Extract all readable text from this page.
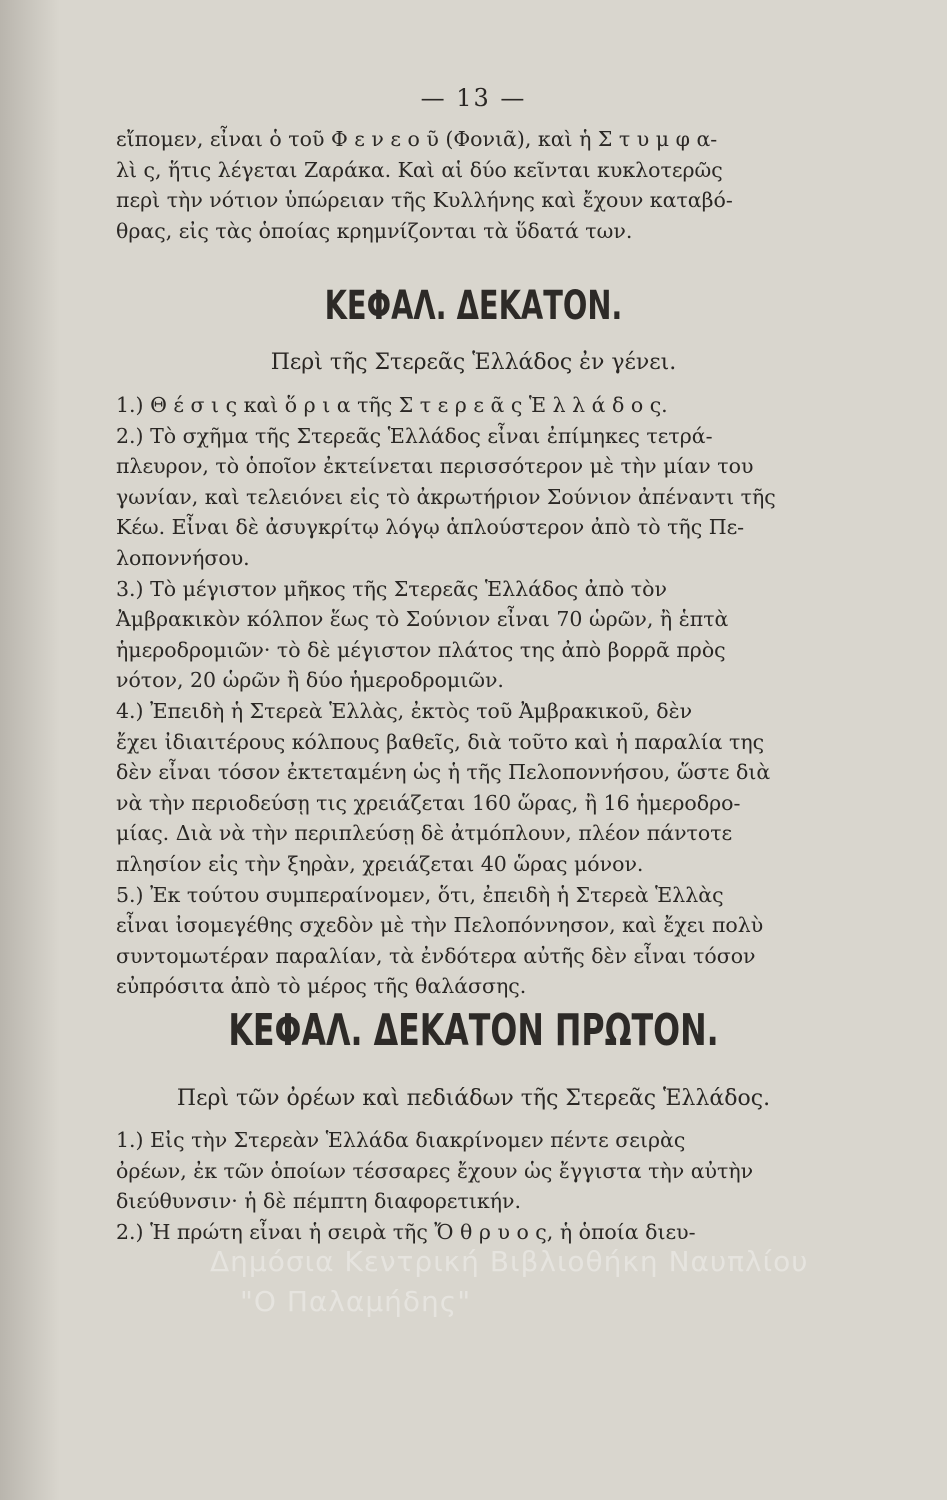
— 13 —
εἴπομεν, εἶναι ὁ τοῦ Φ ε ν ε ο ῦ (Φονιᾶ), καὶ ἡ Σ τ υ μ φ α-
λὶ ς, ἥτις λέγεται Ζαράκα. Καὶ αἱ δύο κεῖνται κυκλοτερῶς
περὶ τὴν νότιον ὑπώρειαν τῆς Κυλλήνης καὶ ἔχουν καταβό-
θρας, εἰς τὰς ὁποίας κρημνίζονται τὰ ὕδατά των.
ΚΕΦΑΛ. ΔΕΚΑΤΟΝ.
Περὶ τῆς Στερεᾶς Ἑλλάδος ἐν γένει.
1.) Θ έ σ ι ς καὶ ὅ ρ ι α τῆς Σ τ ε ρ ε ᾶ ς Ἑ λ λ ά δ ο ς.
2.) Τὸ σχῆμα τῆς Στερεᾶς Ἑλλάδος εἶναι ἐπίμηκες τετρά-
πλευρον, τὸ ὁποῖον ἐκτείνεται περισσότερον μὲ τὴν μίαν του
γωνίαν, καὶ τελειόνει εἰς τὸ ἀκρωτήριον Σούνιον ἀπέναντι τῆς
Κέω. Εἶναι δὲ ἀσυγκρίτῳ λόγῳ ἁπλούστερον ἀπὸ τὸ τῆς Πε-
λοποννήσου.
3.) Τὸ μέγιστον μῆκος τῆς Στερεᾶς Ἑλλάδος ἀπὸ τὸν
Ἀμβρακικὸν κόλπον ἕως τὸ Σούνιον εἶναι 70 ὡρῶν, ἢ ἑπτὰ
ἡμεροδρομιῶν· τὸ δὲ μέγιστον πλάτος της ἀπὸ βορρᾶ πρὸς
νότον, 20 ὡρῶν ἢ δύο ἡμεροδρομιῶν.
4.) Ἐπειδὴ ἡ Στερεὰ Ἑλλὰς, ἐκτὸς τοῦ Ἀμβρακικοῦ, δὲν
ἔχει ἰδιαιτέρους κόλπους βαθεῖς, διὰ τοῦτο καὶ ἡ παραλία της
δὲν εἶναι τόσον ἐκτεταμένη ὡς ἡ τῆς Πελοποννήσου, ὥστε διὰ
νὰ τὴν περιοδεύσῃ τις χρειάζεται 160 ὥρας, ἢ 16 ἡμεροδρο-
μίας. Διὰ νὰ τὴν περιπλεύσῃ δὲ ἀτμόπλουν, πλέον πάντοτε
πλησίον εἰς τὴν ξηρὰν, χρειάζεται 40 ὥρας μόνον.
5.) Ἐκ τούτου συμπεραίνομεν, ὅτι, ἐπειδὴ ἡ Στερεὰ Ἑλλὰς
εἶναι ἰσομεγέθης σχεδὸν μὲ τὴν Πελοπόννησον, καὶ ἔχει πολὺ
συντομωτέραν παραλίαν, τὰ ἐνδότερα αὐτῆς δὲν εἶναι τόσον
εὐπρόσιτα ἀπὸ τὸ μέρος τῆς θαλάσσης.
ΚΕΦΑΛ. ΔΕΚΑΤΟΝ ΠΡΩΤΟΝ.
Περὶ τῶν ὀρέων καὶ πεδιάδων τῆς Στερεᾶς Ἑλλάδος.
1.) Εἰς τὴν Στερεὰν Ἑλλάδα διακρίνομεν πέντε σειρὰς
ὀρέων, ἐκ τῶν ὁποίων τέσσαρες ἔχουν ὡς ἔγγιστα τὴν αὐτὴν
διεύθυνσιν· ἡ δὲ πέμπτη διαφορετικήν.
2.) Ἡ πρώτη εἶναι ἡ σειρὰ τῆς Ὄ θ ρ υ ο ς, ἡ ὁποία διευ-
Δημόσια Κεντρική Βιβλιοθήκη Ναυπλίου
"Ο Παλαμήδης"
